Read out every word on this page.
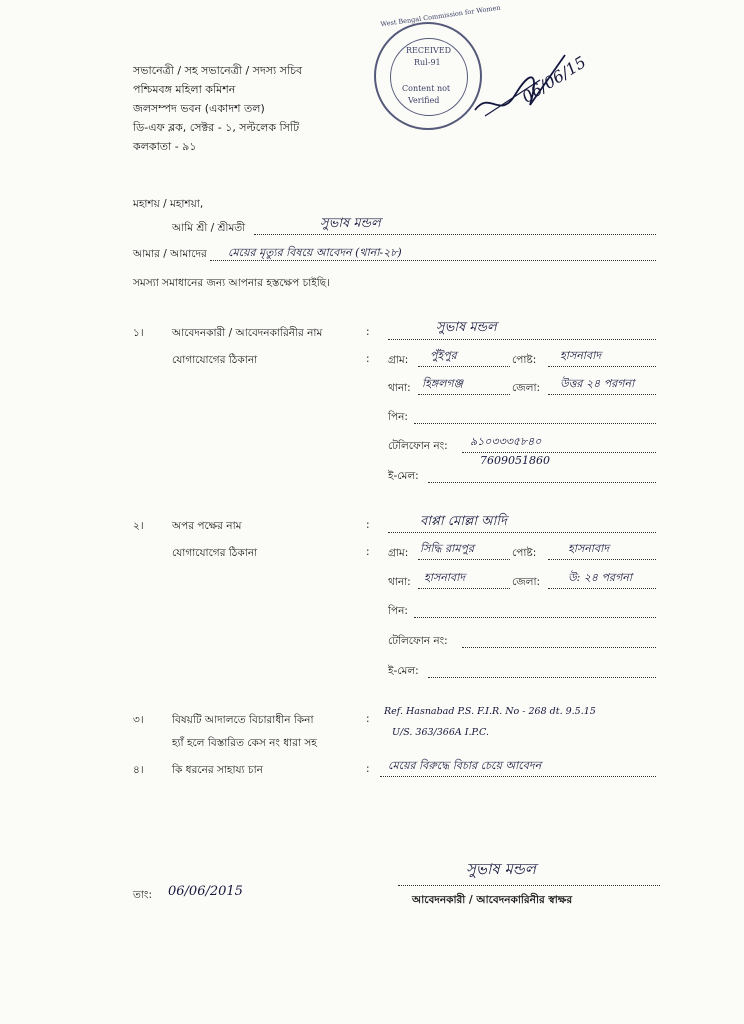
সভানেত্রী / সহ সভানেত্রী / সদস্য সচিব
পশ্চিমবঙ্গ মহিলা কমিশন
জলসম্পদ ভবন (একাদশ তল)
ডি-এফ ব্লক, সেক্টর - ১, সল্টলেক সিটি
কলকাতা - ৯১
West Bengal Commission for Women
RECEIVED
Rul-91
Content not
Verified	06/06/15
মহাশয় / মহাশয়া,
আমি শ্রী / শ্রীমতী	সুভাষ মন্ডল
আমার / আমাদের মেয়ের মৃত্যুর বিষয়ে আবেদন (থানা-২৮)
সমস্যা সমাধানের জন্য আপনার হস্তক্ষেপ চাইছি।
১।	আবেদনকারী / আবেদনকারিনীর নাম	:	সুভাষ মন্ডল
যোগাযোগের ঠিকানা	: গ্রাম: পুঁইপুর	পোষ্ট: হাসনাবাদ
থানা: হিঙ্গলগঞ্জ	জেলা: উত্তর ২৪ পরগনা
পিন:
টেলিফোন নং: ৯১০৩৩৩৫৮৪০
7609051860
ই-মেল:
২।	অপর পক্ষের নাম	:	বাপ্পা মোল্লা আদি
যোগাযোগের ঠিকানা	: গ্রাম: সিদ্ধি রামপুর	পোষ্ট:	হাসনাবাদ
থানা: হাসনাবাদ	জেলা:	উ: ২৪ পরগনা
পিন:
টেলিফোন নং:
ই-মেল:
৩।	বিষয়টি আদালতে বিচারাধীন কিনা	:
Ref. Hasnabad P.S. F.I.R. No - 268 dt. 9.5.15
হ্যাঁ হলে বিস্তারিত কেস নং ধারা সহ
U/S. 363/366A I.P.C.
৪।	কি ধরনের সাহায্য চান	: মেয়ের বিরুদ্ধে বিচার চেয়ে আবেদন
তাং: 06/06/2015
সুভাষ মন্ডল
আবেদনকারী / আবেদনকারিনীর স্বাক্ষর
